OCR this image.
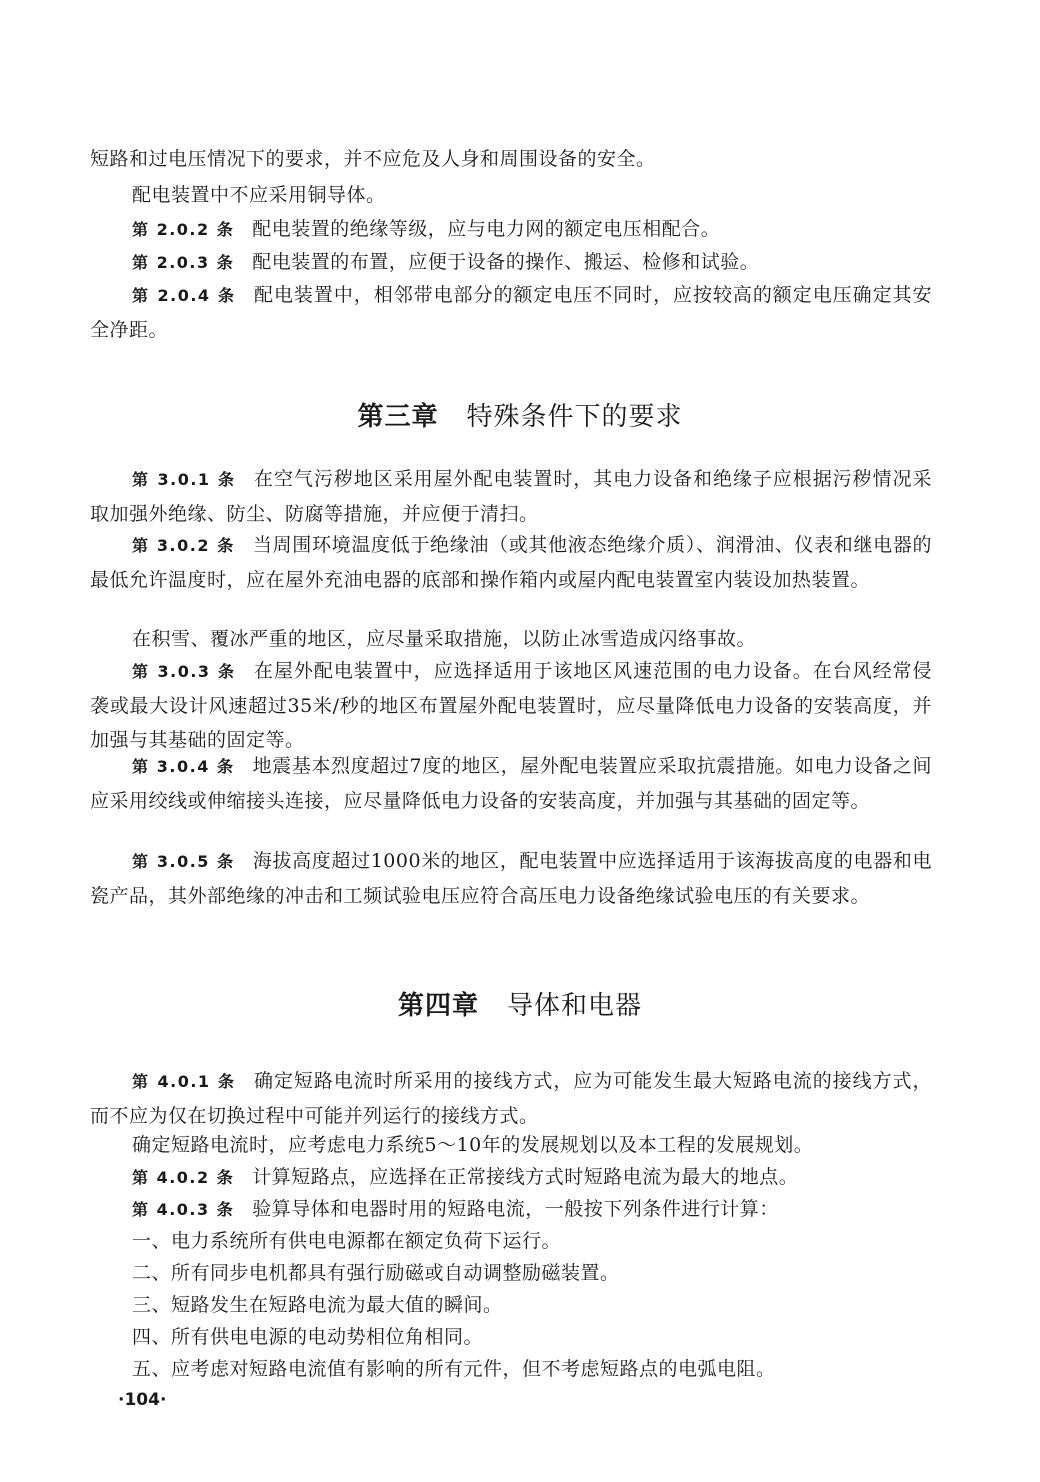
短路和过电压情况下的要求，并不应危及人身和周围设备的安全。

配电装置中不应采用铜导体。

第 2.0.2 条 配电装置的绝缘等级，应与电力网的额定电压相配合。

第 2.0.3 条 配电装置的布置，应便于设备的操作、搬运、检修和试验。

第 2.0.4 条 配电装置中，相邻带电部分的额定电压不同时，应按较高的额定电压确定其安全净距。

第三章 特殊条件下的要求

第 3.0.1 条 在空气污秽地区采用屋外配电装置时，其电力设备和绝缘子应根据污秽情况采取加强外绝缘、防尘、防腐等措施，并应便于清扫。

第 3.0.2 条 当周围环境温度低于绝缘油（或其他液态绝缘介质）、润滑油、仪表和继电器的最低允许温度时，应在屋外充油电器的底部和操作箱内或屋内配电装置室内装设加热装置。

在积雪、覆冰严重的地区，应尽量采取措施，以防止冰雪造成闪络事故。

第 3.0.3 条 在屋外配电装置中，应选择适用于该地区风速范围的电力设备。在台风经常侵袭或最大设计风速超过35米/秒的地区布置屋外配电装置时，应尽量降低电力设备的安装高度，并加强与其基础的固定等。

第 3.0.4 条 地震基本烈度超过7度的地区，屋外配电装置应采取抗震措施。如电力设备之间应采用绞线或伸缩接头连接，应尽量降低电力设备的安装高度，并加强与其基础的固定等。

第 3.0.5 条 海拔高度超过1000米的地区，配电装置中应选择适用于该海拔高度的电器和电瓷产品，其外部绝缘的冲击和工频试验电压应符合高压电力设备绝缘试验电压的有关要求。

第四章 导体和电器

第 4.0.1 条 确定短路电流时所采用的接线方式，应为可能发生最大短路电流的接线方式，而不应为仅在切换过程中可能并列运行的接线方式。

确定短路电流时，应考虑电力系统5～10年的发展规划以及本工程的发展规划。

第 4.0.2 条 计算短路点，应选择在正常接线方式时短路电流为最大的地点。

第 4.0.3 条 验算导体和电器时用的短路电流，一般按下列条件进行计算：

一、电力系统所有供电电源都在额定负荷下运行。

二、所有同步电机都具有强行励磁或自动调整励磁装置。

三、短路发生在短路电流为最大值的瞬间。

四、所有供电电源的电动势相位角相同。

五、应考虑对短路电流值有影响的所有元件，但不考虑短路点的电弧电阻。

·104·
